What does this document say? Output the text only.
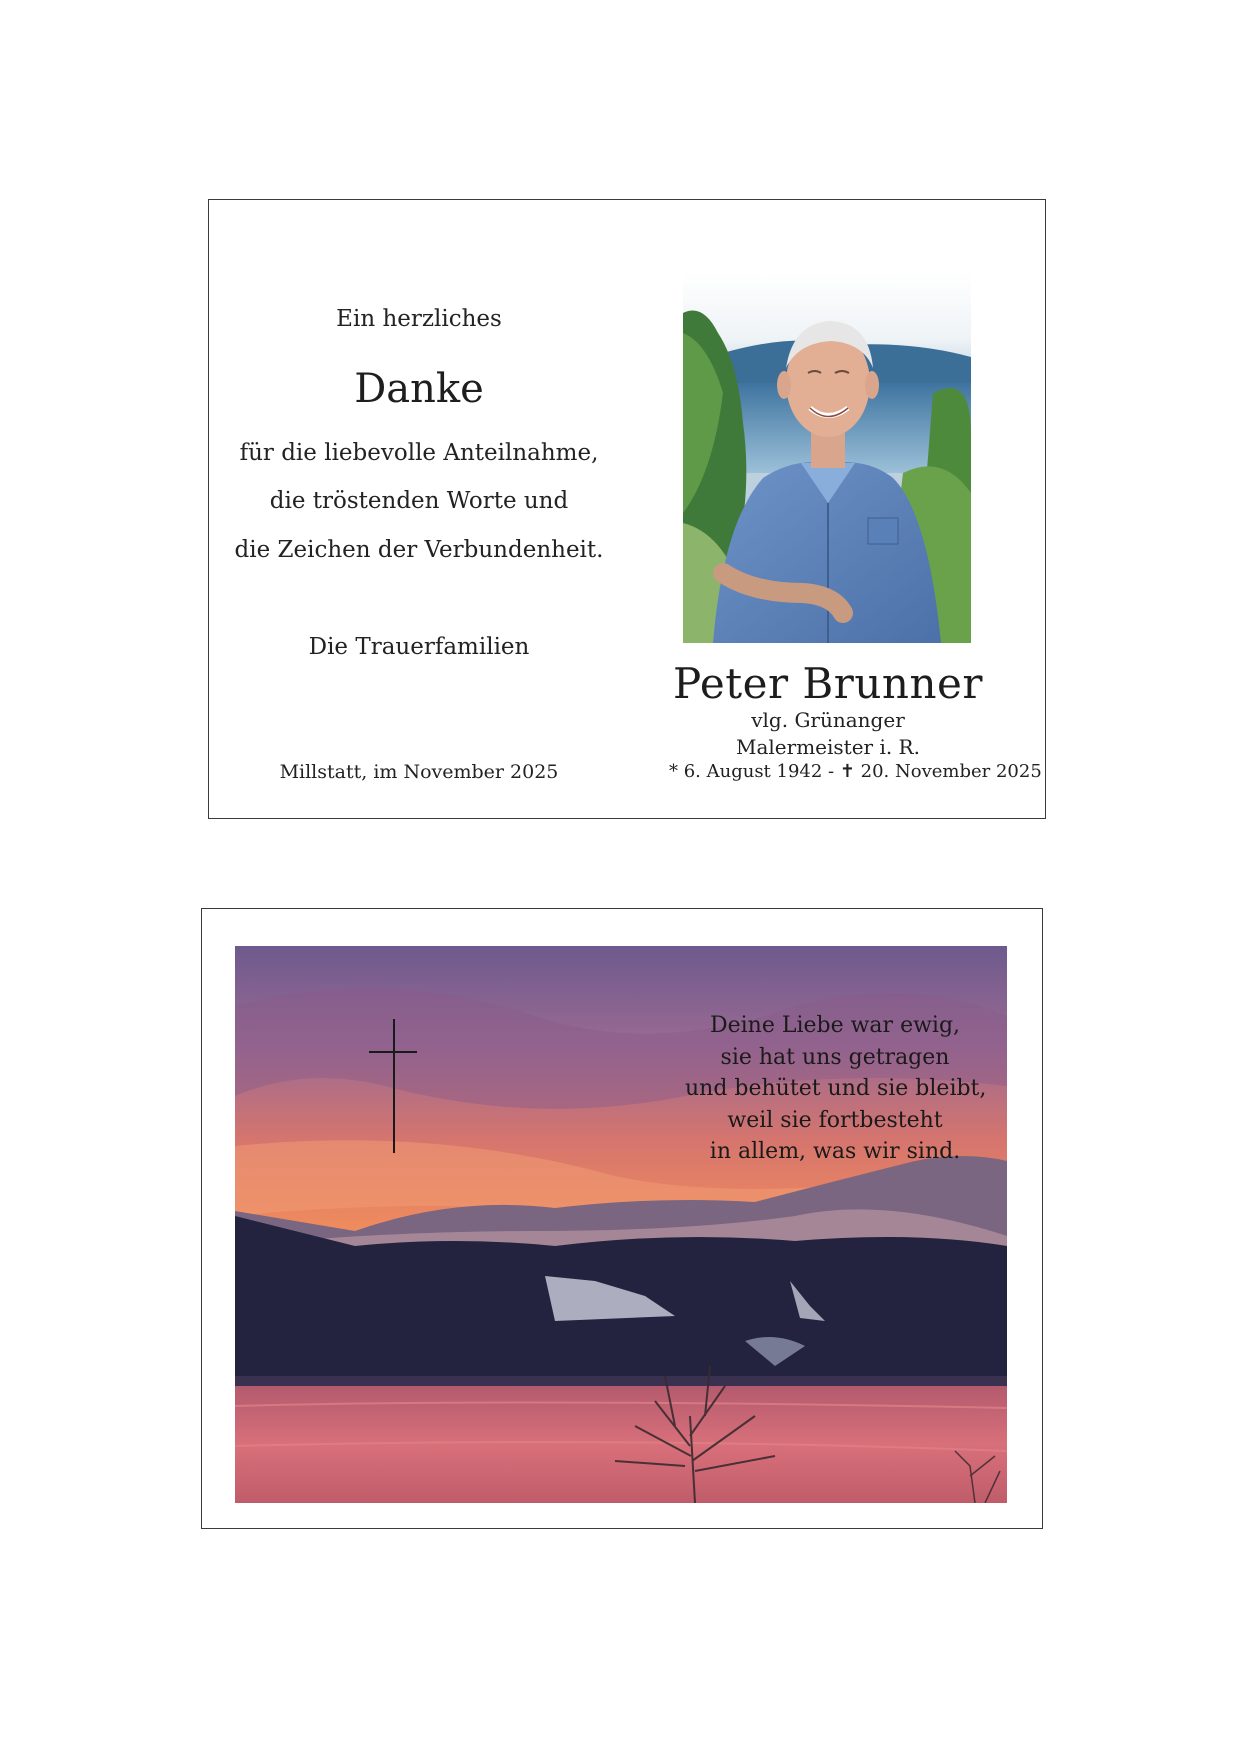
Ein herzliches
Danke
für die liebevolle Anteilnahme,
die tröstenden Worte und
die Zeichen der Verbundenheit.
Die Trauerfamilien
Millstatt, im November 2025
Peter Brunner
vlg. Grünanger
Malermeister i. R.
* 6. August 1942 - ✝ 20. November 2025
Deine Liebe war ewig,
sie hat uns getragen
und behütet und sie bleibt,
weil sie fortbesteht
in allem, was wir sind.
